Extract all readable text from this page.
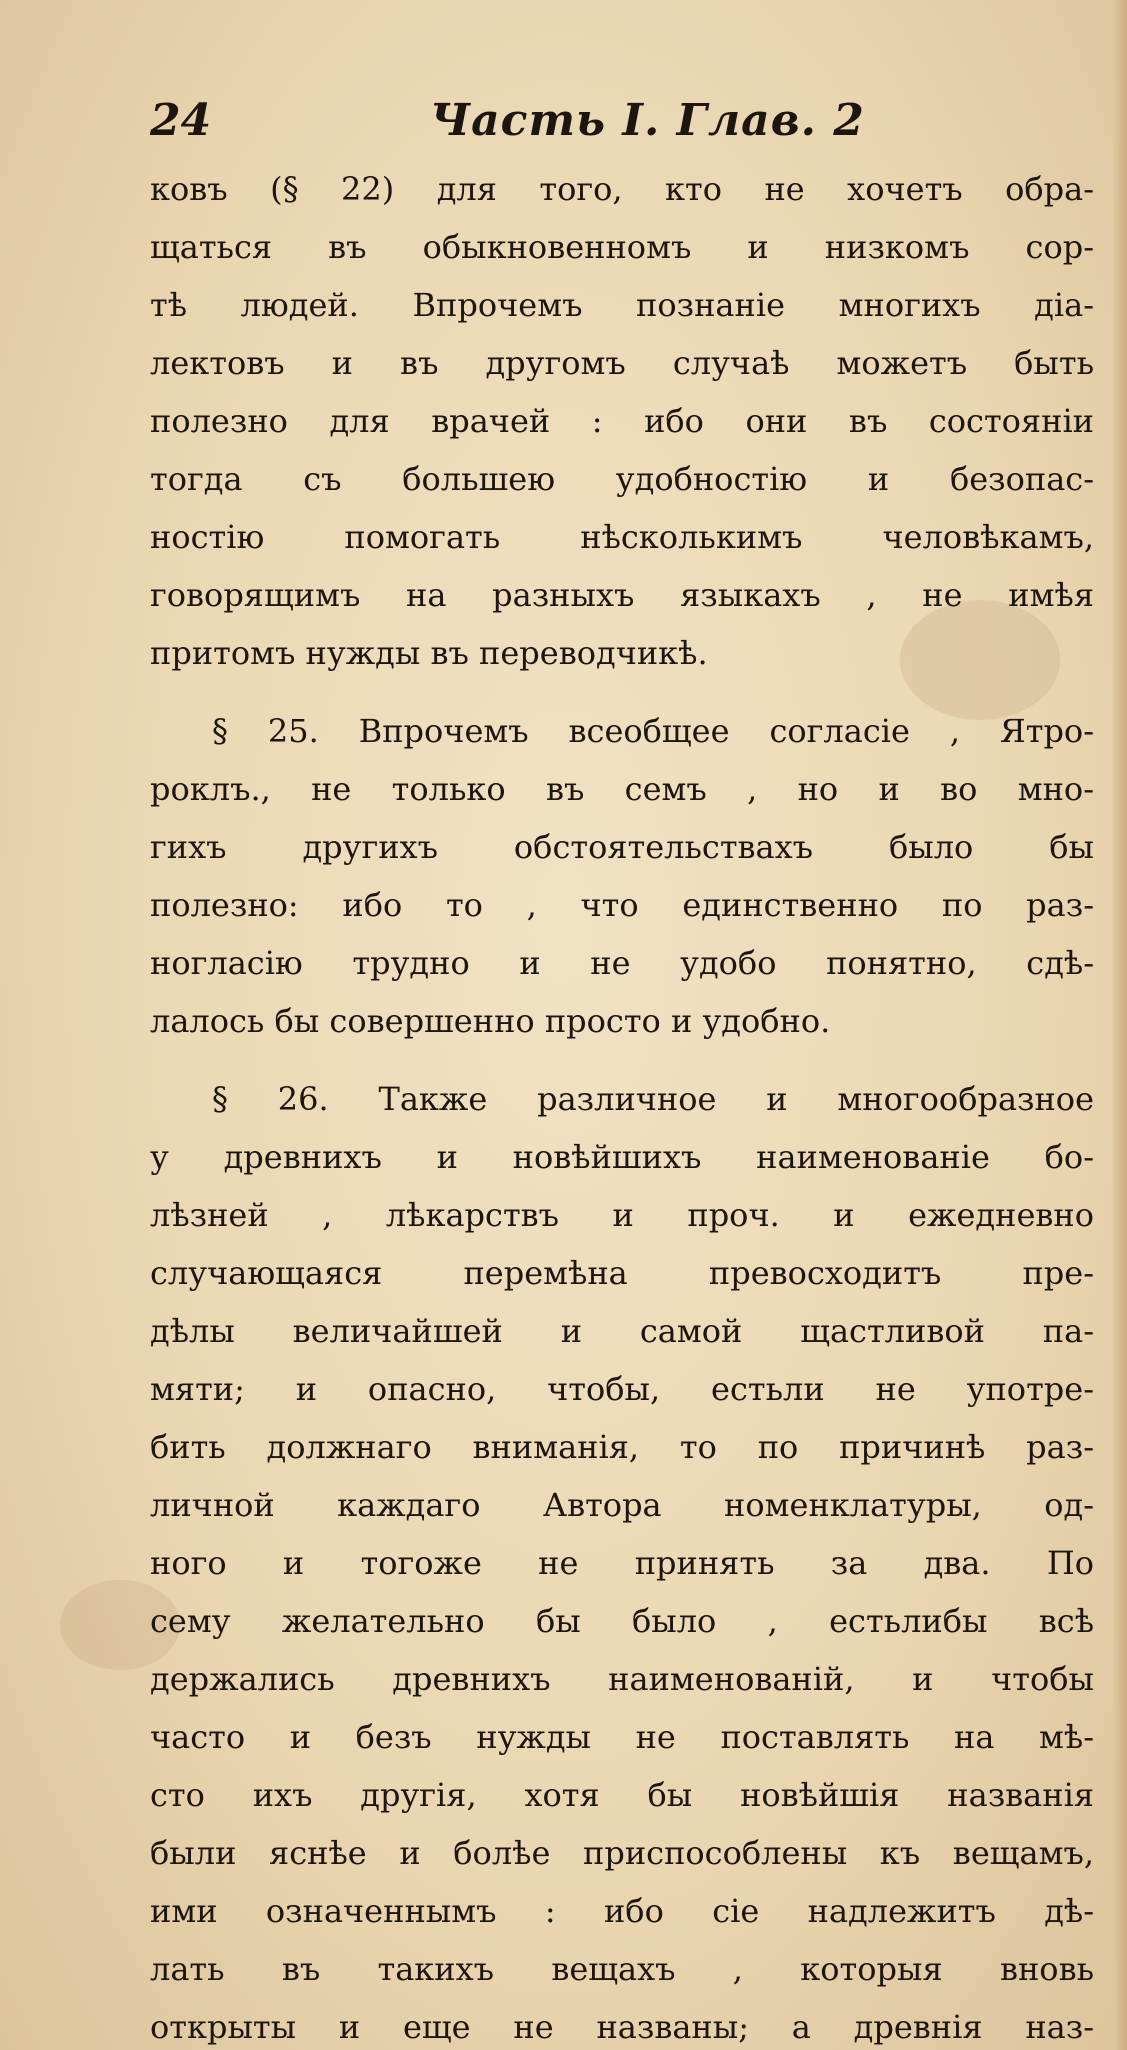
24	Часть I. Глав. 2
ковъ (§ 22) для того, кто не хочетъ обра-
щаться въ обыкновенномъ и низкомъ сор-
тѣ людей. Впрочемъ познаніе многихъ діа-
лектовъ и въ другомъ случаѣ можетъ быть
полезно для врачей : ибо они въ состояніи
тогда съ большею удобностію и безопас-
ностію помогать нѣсколькимъ человѣкамъ,
говорящимъ на разныхъ языкахъ , не имѣя
притомъ нужды въ переводчикѣ.
§ 25. Впрочемъ всеобщее согласіе , Ятро-
роклъ., не только въ семъ , но и во мно-
гихъ другихъ обстоятельствахъ было бы
полезно: ибо то , что единственно по раз-
ногласію трудно и не удобо понятно, сдѣ-
лалось бы совершенно просто и удобно.
§ 26. Также различное и многообразное
у древнихъ и новѣйшихъ наименованіе бо-
лѣзней , лѣкарствъ и проч. и ежедневно
случающаяся перемѣна превосходитъ пре-
дѣлы величайшей и самой щастливой па-
мяти; и опасно, чтобы, естьли не употре-
бить должнаго вниманія, то по причинѣ раз-
личной каждаго Автора номенклатуры, од-
ного и тогоже не принять за два. По
сему желательно бы было , естьлибы всѣ
держались древнихъ наименованій, и чтобы
часто и безъ нужды не поставлять на мѣ-
сто ихъ другія, хотя бы новѣйшія названія
были яснѣе и болѣе приспособлены къ вещамъ,
ими означеннымъ : ибо сіе надлежитъ дѣ-
лать въ такихъ вещахъ , которыя вновь
открыты и еще не названы; а древнія наз-
